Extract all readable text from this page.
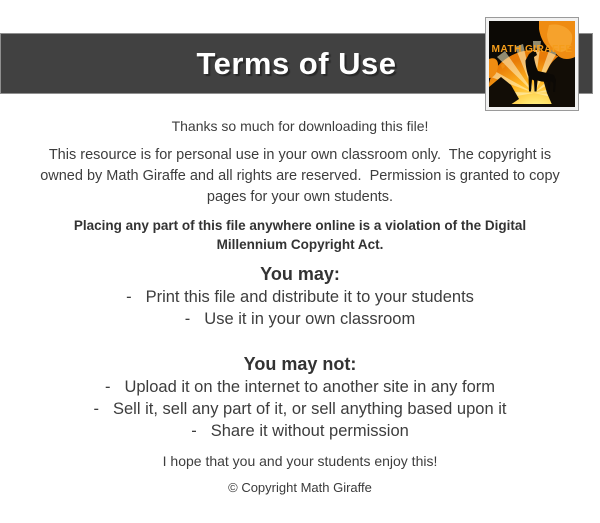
Terms of Use	MATH GIRAFFE

Thanks so much for downloading this file!

This resource is for personal use in your own classroom only.  The copyright is owned by Math Giraffe and all rights are reserved.  Permission is granted to copy pages for your own students.

Placing any part of this file anywhere online is a violation of the Digital Millennium Copyright Act.

You may:
- Print this file and distribute it to your students
- Use it in your own classroom
You may not:
- Upload it on the internet to another site in any form
- Sell it, sell any part of it, or sell anything based upon it
- Share it without permission

I hope that you and your students enjoy this!

© Copyright Math Giraffe
